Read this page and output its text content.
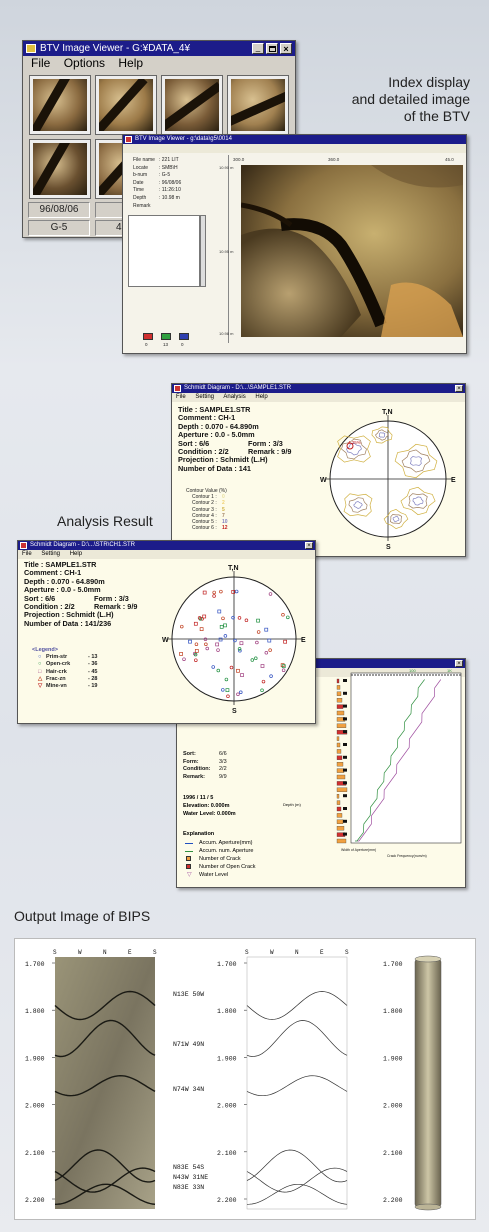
Index display
and detailed image
of the BTV
Analysis Result
Output Image of BIPS
BTV Image Viewer - G:¥DATA_4¥	_	×
File Options Help
96/08/06
G-5	4
BTV Image Viewer - g:\data\g5\0014
File name : 221 LIT
Locate : SMB\H
b-num : G-5
Date	: 96/08/06
Time	: 11:26:10
Depth	: 10.98 m
Remark
300.0	360.0	45.0
10.90 m
10.95 m
10.98 m
0	13	0
Schmidt Diagram - D:\...\SAMPLE1.STR	×
File Setting Analysis Help
Title : SAMPLE1.STR
Comment : CH-1
Depth : 0.070 - 64.890m
Aperture : 0.0 - 5.0mm
Sort : 6/6	Form : 3/3
Condition : 2/2	Remark : 9/9
Projection : Schmidt (L.H)
Number of Data : 141
Contour Value (%)
Contour 1 : 0
Contour 2 : 2
Contour 3 : 5
Contour 4 : 7
Contour 5 : 10
Contour 6 : 12
T,N
S
E
W
4.25%
×
Sort:	6/6
Form:	3/3
Condition: 2/2
Remark:	9/9
1996 / 11 / 5
Elevation: 0.000m
Water Level: 0.000m
Depth (m)
Explanation
Accum. Aperture(mm)
Accum. num. Aperture
Number of Crack
Number of Open Crack
▽ Water Level
100	1K
Width of Aperture(mm)
Crack Frequency(num/m)
Schmidt Diagram - D:\...\STR\CH1.STR	×
File Setting Help
Title : SAMPLE1.STR
Comment : CH-1
Depth : 0.070 - 64.890m
Aperture : 0.0 - 5.0mm
Sort : 6/6	Form : 3/3
Condition : 2/2	Remark : 9/9
Projection : Schmidt (L.H)
Number of Data : 141/236
<Legend>
○ Prim-str	- 13
○ Open-crk	- 36
□ Hair-crk	- 45
△ Frac-zn	- 28
▽ Mine-vn	- 19
T,N
S
E
W
S	W	N	E	S
1.700
1.800
1.900
2.000
2.100
2.200
S	W	N	E	S
1.700
1.800
1.900
2.000
2.100
2.200
N13E 50W
N71W 49N
N74W 34N
N83E 54S
N43W 31NE
N83E 33N
1.700
1.800
1.900
2.000
2.100
2.200
